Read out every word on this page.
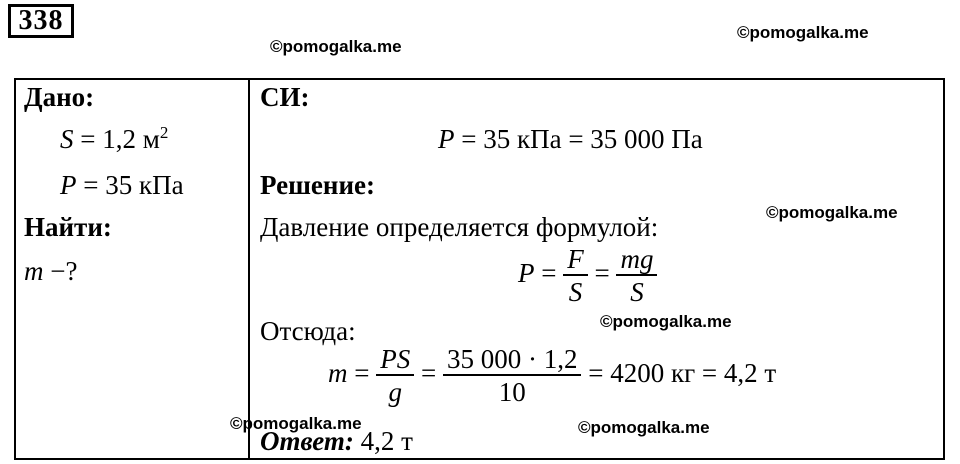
338
©pomogalka.me
©pomogalka.me
©pomogalka.me
©pomogalka.me
Дано:
S = 1,2 $м^2$
P = 35 кПа
Найти:
m −?
СИ:
P = 35 кПа = 35 000 Па
Решение:
Давление определяется формулой:
$P = \frac{F}{S} = \frac{mg}{S}$
Отсюда:
$m = \frac{PS}{g} = \frac{35 000 \cdot 1,2}{10} = 4200$ кг = 4,2 т
Ответ: 4,2 т
©pomogalka.me	©pomogalka.me
